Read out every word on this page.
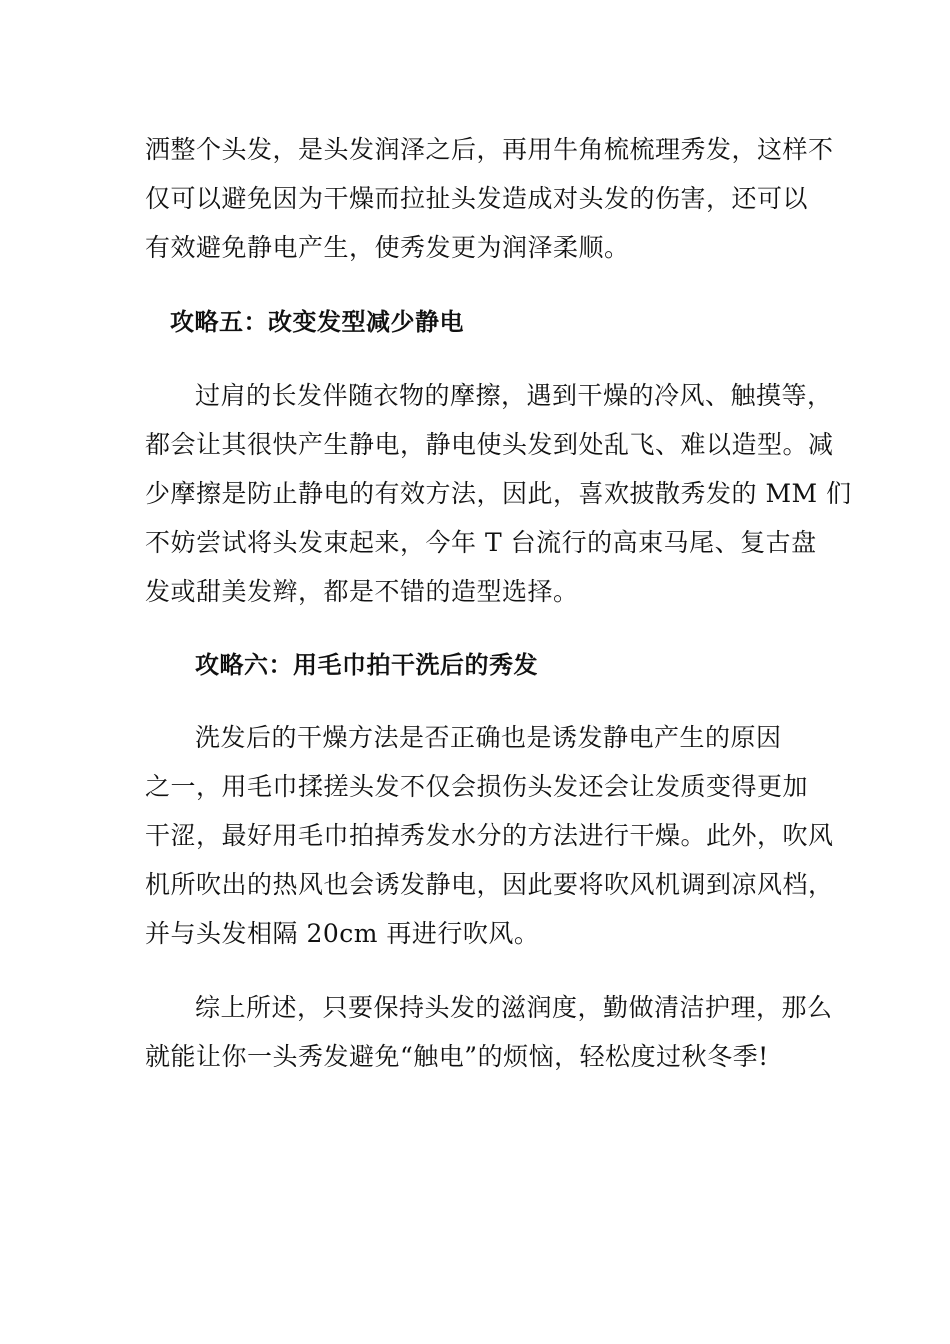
洒整个头发，是头发润泽之后，再用牛角梳梳理秀发，这样不
仅可以避免因为干燥而拉扯头发造成对头发的伤害，还可以
有效避免静电产生，使秀发更为润泽柔顺。
攻略五：改变发型减少静电
过肩的长发伴随衣物的摩擦，遇到干燥的冷风、触摸等，
都会让其很快产生静电，静电使头发到处乱飞、难以造型。减
少摩擦是防止静电的有效方法，因此，喜欢披散秀发的 MM 们
不妨尝试将头发束起来，今年 T 台流行的高束马尾、复古盘
发或甜美发辫，都是不错的造型选择。
攻略六：用毛巾拍干洗后的秀发
洗发后的干燥方法是否正确也是诱发静电产生的原因
之一，用毛巾揉搓头发不仅会损伤头发还会让发质变得更加
干涩，最好用毛巾拍掉秀发水分的方法进行干燥。此外，吹风
机所吹出的热风也会诱发静电，因此要将吹风机调到凉风档，
并与头发相隔 20cm 再进行吹风。
综上所述，只要保持头发的滋润度，勤做清洁护理，那么
就能让你一头秀发避免“触电”的烦恼，轻松度过秋冬季!
